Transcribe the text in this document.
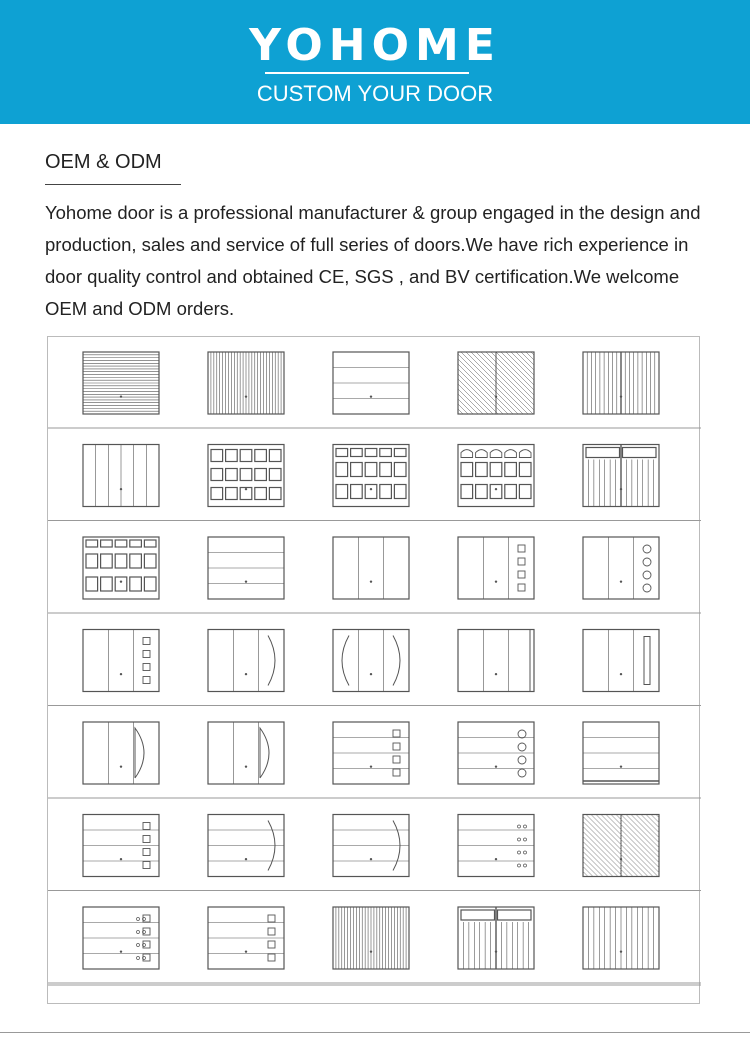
YOHOME
CUSTOM YOUR DOOR
OEM & ODM
Yohome door is a professional manufacturer & group engaged in the design and production, sales and service of full series of doors.We have rich experience in door quality control and obtained CE, SGS , and BV certification.We welcome OEM and ODM orders.
